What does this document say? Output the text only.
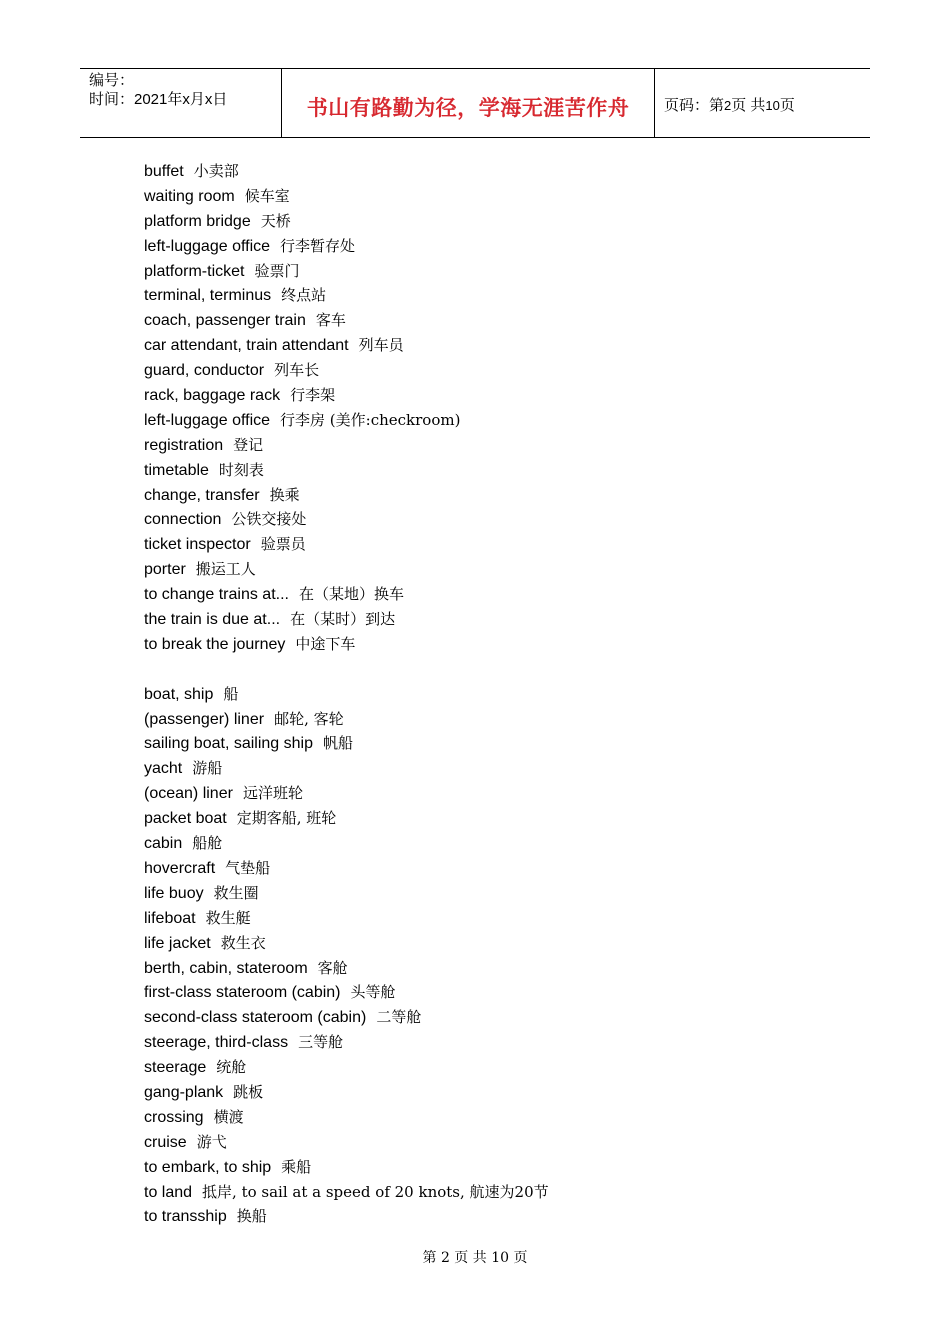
编号：
时间：2021年x月x日	书山有路勤为径，学海无涯苦作舟	页码：第2页 共10页
buffet 小卖部
waiting room 候车室
platform bridge 天桥
left-luggage office 行李暂存处
platform-ticket 验票门
terminal, terminus 终点站
coach, passenger train 客车
car attendant, train attendant 列车员
guard, conductor 列车长
rack, baggage rack 行李架
left-luggage office 行李房 (美作:checkroom)
registration 登记
timetable 时刻表
change, transfer 换乘
connection 公铁交接处
ticket inspector 验票员
porter 搬运工人
to change trains at... 在（某地）换车
the train is due at... 在（某时）到达
to break the journey 中途下车
boat, ship 船
(passenger) liner 邮轮, 客轮
sailing boat, sailing ship 帆船
yacht 游船
(ocean) liner 远洋班轮
packet boat 定期客船, 班轮
cabin 船舱
hovercraft 气垫船
life buoy 救生圈
lifeboat 救生艇
life jacket 救生衣
berth, cabin, stateroom 客舱
first-class stateroom (cabin) 头等舱
second-class stateroom (cabin) 二等舱
steerage, third-class 三等舱
steerage 统舱
gang-plank 跳板
crossing 横渡
cruise 游弋
to embark, to ship 乘船
to land 抵岸, to sail at a speed of 20 knots, 航速为20节
to transship 换船
第 2 页 共 10 页
